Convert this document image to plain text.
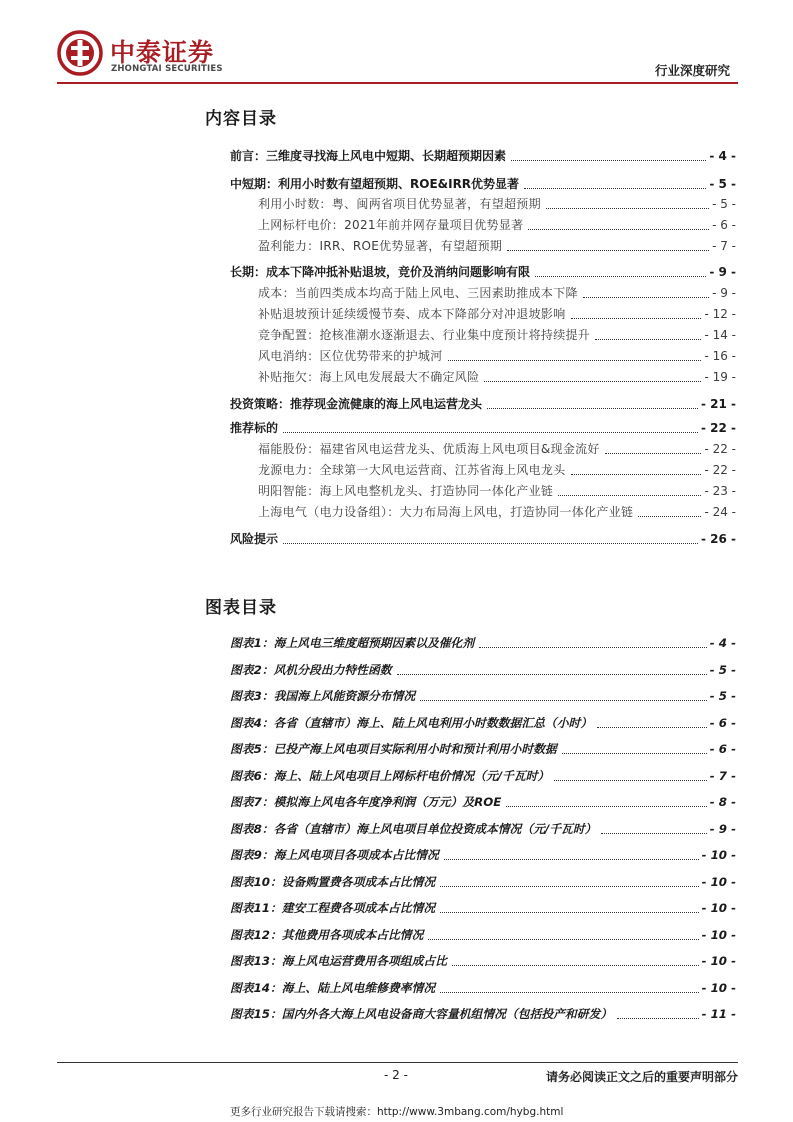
中泰证券
ZHONGTAI SECURITIES	行业深度研究
内容目录
前言：三维度寻找海上风电中短期、长期超预期因素	- 4 -
中短期：利用小时数有望超预期、ROE&IRR优势显著	- 5 -
利用小时数：粤、闽两省项目优势显著，有望超预期	- 5 -
上网标杆电价：2021年前并网存量项目优势显著	- 6 -
盈利能力：IRR、ROE优势显著，有望超预期	- 7 -
长期：成本下降冲抵补贴退坡，竞价及消纳问题影响有限	- 9 -
成本：当前四类成本均高于陆上风电、三因素助推成本下降	- 9 -
补贴退坡预计延续缓慢节奏、成本下降部分对冲退坡影响	- 12 -
竞争配置：抢核准潮水逐渐退去、行业集中度预计将持续提升	- 14 -
风电消纳：区位优势带来的护城河	- 16 -
补贴拖欠：海上风电发展最大不确定风险	- 19 -
投资策略：推荐现金流健康的海上风电运营龙头	- 21 -
推荐标的	- 22 -
福能股份：福建省风电运营龙头、优质海上风电项目&现金流好	- 22 -
龙源电力：全球第一大风电运营商、江苏省海上风电龙头	- 22 -
明阳智能：海上风电整机龙头、打造协同一体化产业链	- 23 -
上海电气（电力设备组）：大力布局海上风电，打造协同一体化产业链	- 24 -
风险提示	- 26 -
图表目录
图表1：海上风电三维度超预期因素以及催化剂	- 4 -
图表2：风机分段出力特性函数	- 5 -
图表3：我国海上风能资源分布情况	- 5 -
图表4：各省（直辖市）海上、陆上风电利用小时数数据汇总（小时）	- 6 -
图表5：已投产海上风电项目实际利用小时和预计利用小时数据	- 6 -
图表6：海上、陆上风电项目上网标杆电价情况（元/千瓦时）	- 7 -
图表7：模拟海上风电各年度净利润（万元）及ROE	- 8 -
图表8：各省（直辖市）海上风电项目单位投资成本情况（元/千瓦时）	- 9 -
图表9：海上风电项目各项成本占比情况	- 10 -
图表10：设备购置费各项成本占比情况	- 10 -
图表11：建安工程费各项成本占比情况	- 10 -
图表12：其他费用各项成本占比情况	- 10 -
图表13：海上风电运营费用各项组成占比	- 10 -
图表14：海上、陆上风电维修费率情况	- 10 -
图表15：国内外各大海上风电设备商大容量机组情况（包括投产和研发）	- 11 -
- 2 -	请务必阅读正文之后的重要声明部分
更多行业研究报告下载请搜索：http://www.3mbang.com/hybg.html
